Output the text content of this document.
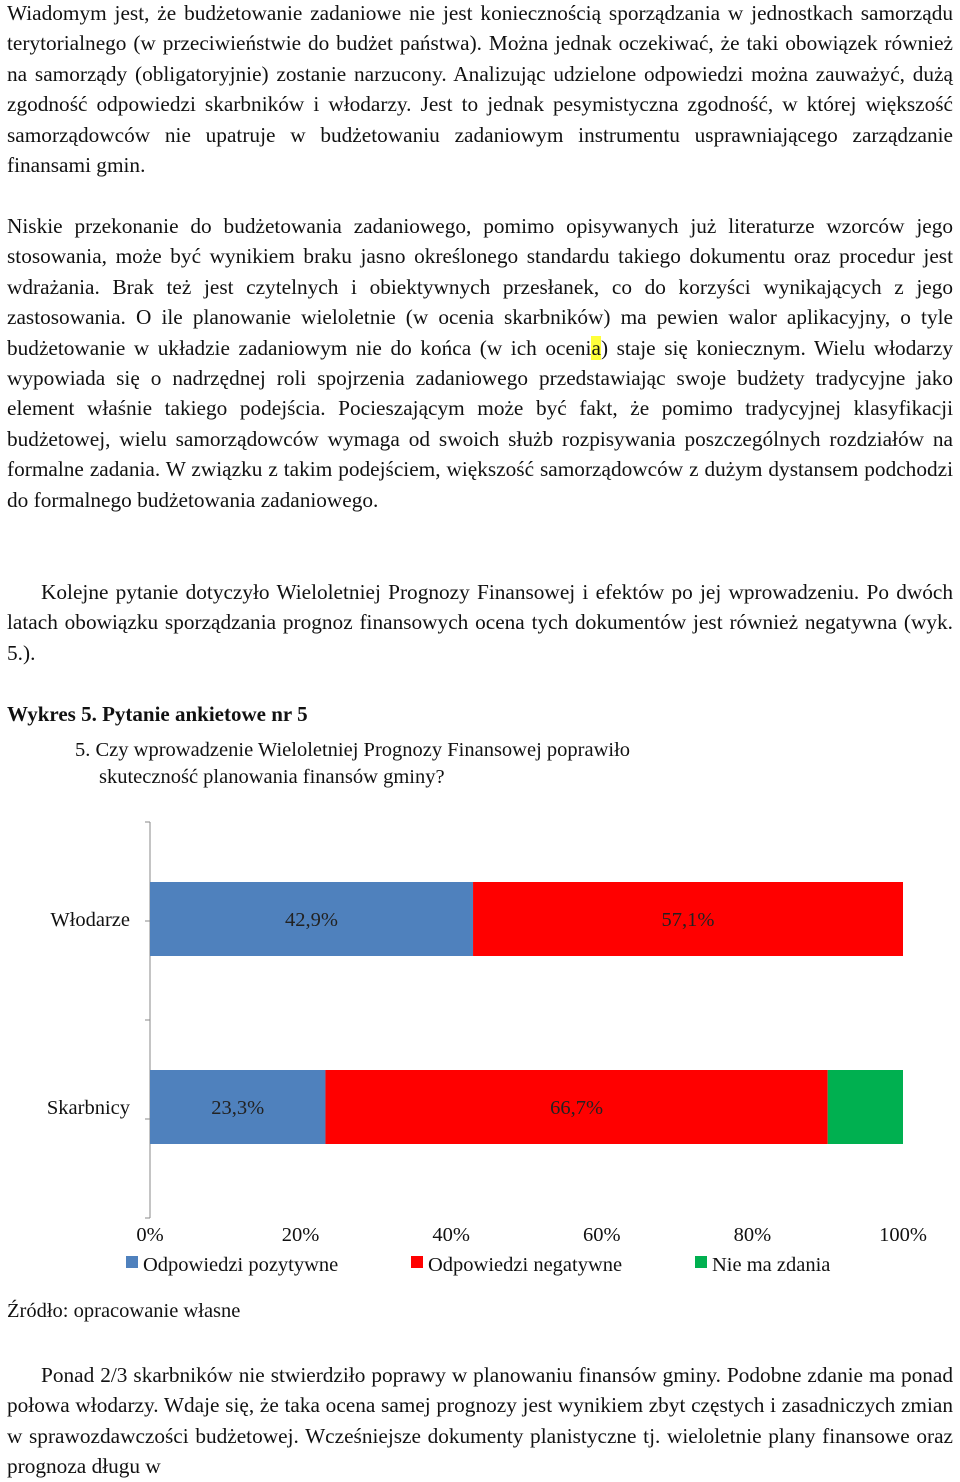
Wiadomym jest, że budżetowanie zadaniowe nie jest koniecznością sporządzania w jednostkach samorządu terytorialnego (w przeciwieństwie do budżet państwa). Można jednak oczekiwać, że taki obowiązek również na samorządy (obligatoryjnie) zostanie narzucony. Analizując udzielone odpowiedzi można zauważyć, dużą zgodność odpowiedzi skarbników i włodarzy. Jest to jednak pesymistyczna zgodność, w której większość samorządowców nie upatruje w budżetowaniu zadaniowym instrumentu usprawniającego zarządzanie finansami gmin.

Niskie przekonanie do budżetowania zadaniowego, pomimo opisywanych już literaturze wzorców jego stosowania, może być wynikiem braku jasno określonego standardu takiego dokumentu oraz procedur jest wdrażania. Brak też jest czytelnych i obiektywnych przesłanek, co do korzyści wynikających z jego zastosowania. O ile planowanie wieloletnie (w ocenia skarbników) ma pewien walor aplikacyjny, o tyle budżetowanie w układzie zadaniowym nie do końca (w ich ocenia) staje się koniecznym. Wielu włodarzy wypowiada się o nadrzędnej roli spojrzenia zadaniowego przedstawiając swoje budżety tradycyjne jako element właśnie takiego podejścia. Pocieszającym może być fakt, że pomimo tradycyjnej klasyfikacji budżetowej, wielu samorządowców wymaga od swoich służb rozpisywania poszczególnych rozdziałów na formalne zadania. W związku z takim podejściem, większość samorządowców z dużym dystansem podchodzi do formalnego budżetowania zadaniowego.

Kolejne pytanie dotyczyło Wieloletniej Prognozy Finansowej i efektów po jej wprowadzeniu. Po dwóch latach obowiązku sporządzania prognoz finansowych ocena tych dokumentów jest również negatywna (wyk. 5.).

Wykres 5. Pytanie ankietowe nr 5

5. Czy wprowadzenie Wieloletniej Prognozy Finansowej poprawiło
skuteczność planowania finansów gminy?

42,9%	57,1%
Włodarze
23,3%	66,7%
Skarbnicy
0%	20%	40%	60%	80%	100%
Odpowiedzi pozytywne	Odpowiedzi negatywne	Nie ma zdania

Źródło: opracowanie własne

Ponad 2/3 skarbników nie stwierdziło poprawy w planowaniu finansów gminy. Podobne zdanie ma ponad połowa włodarzy. Wdaje się, że taka ocena samej prognozy jest wynikiem zbyt częstych i zasadniczych zmian w sprawozdawczości budżetowej. Wcześniejsze dokumenty planistyczne tj. wieloletnie plany finansowe oraz prognoza długu w
